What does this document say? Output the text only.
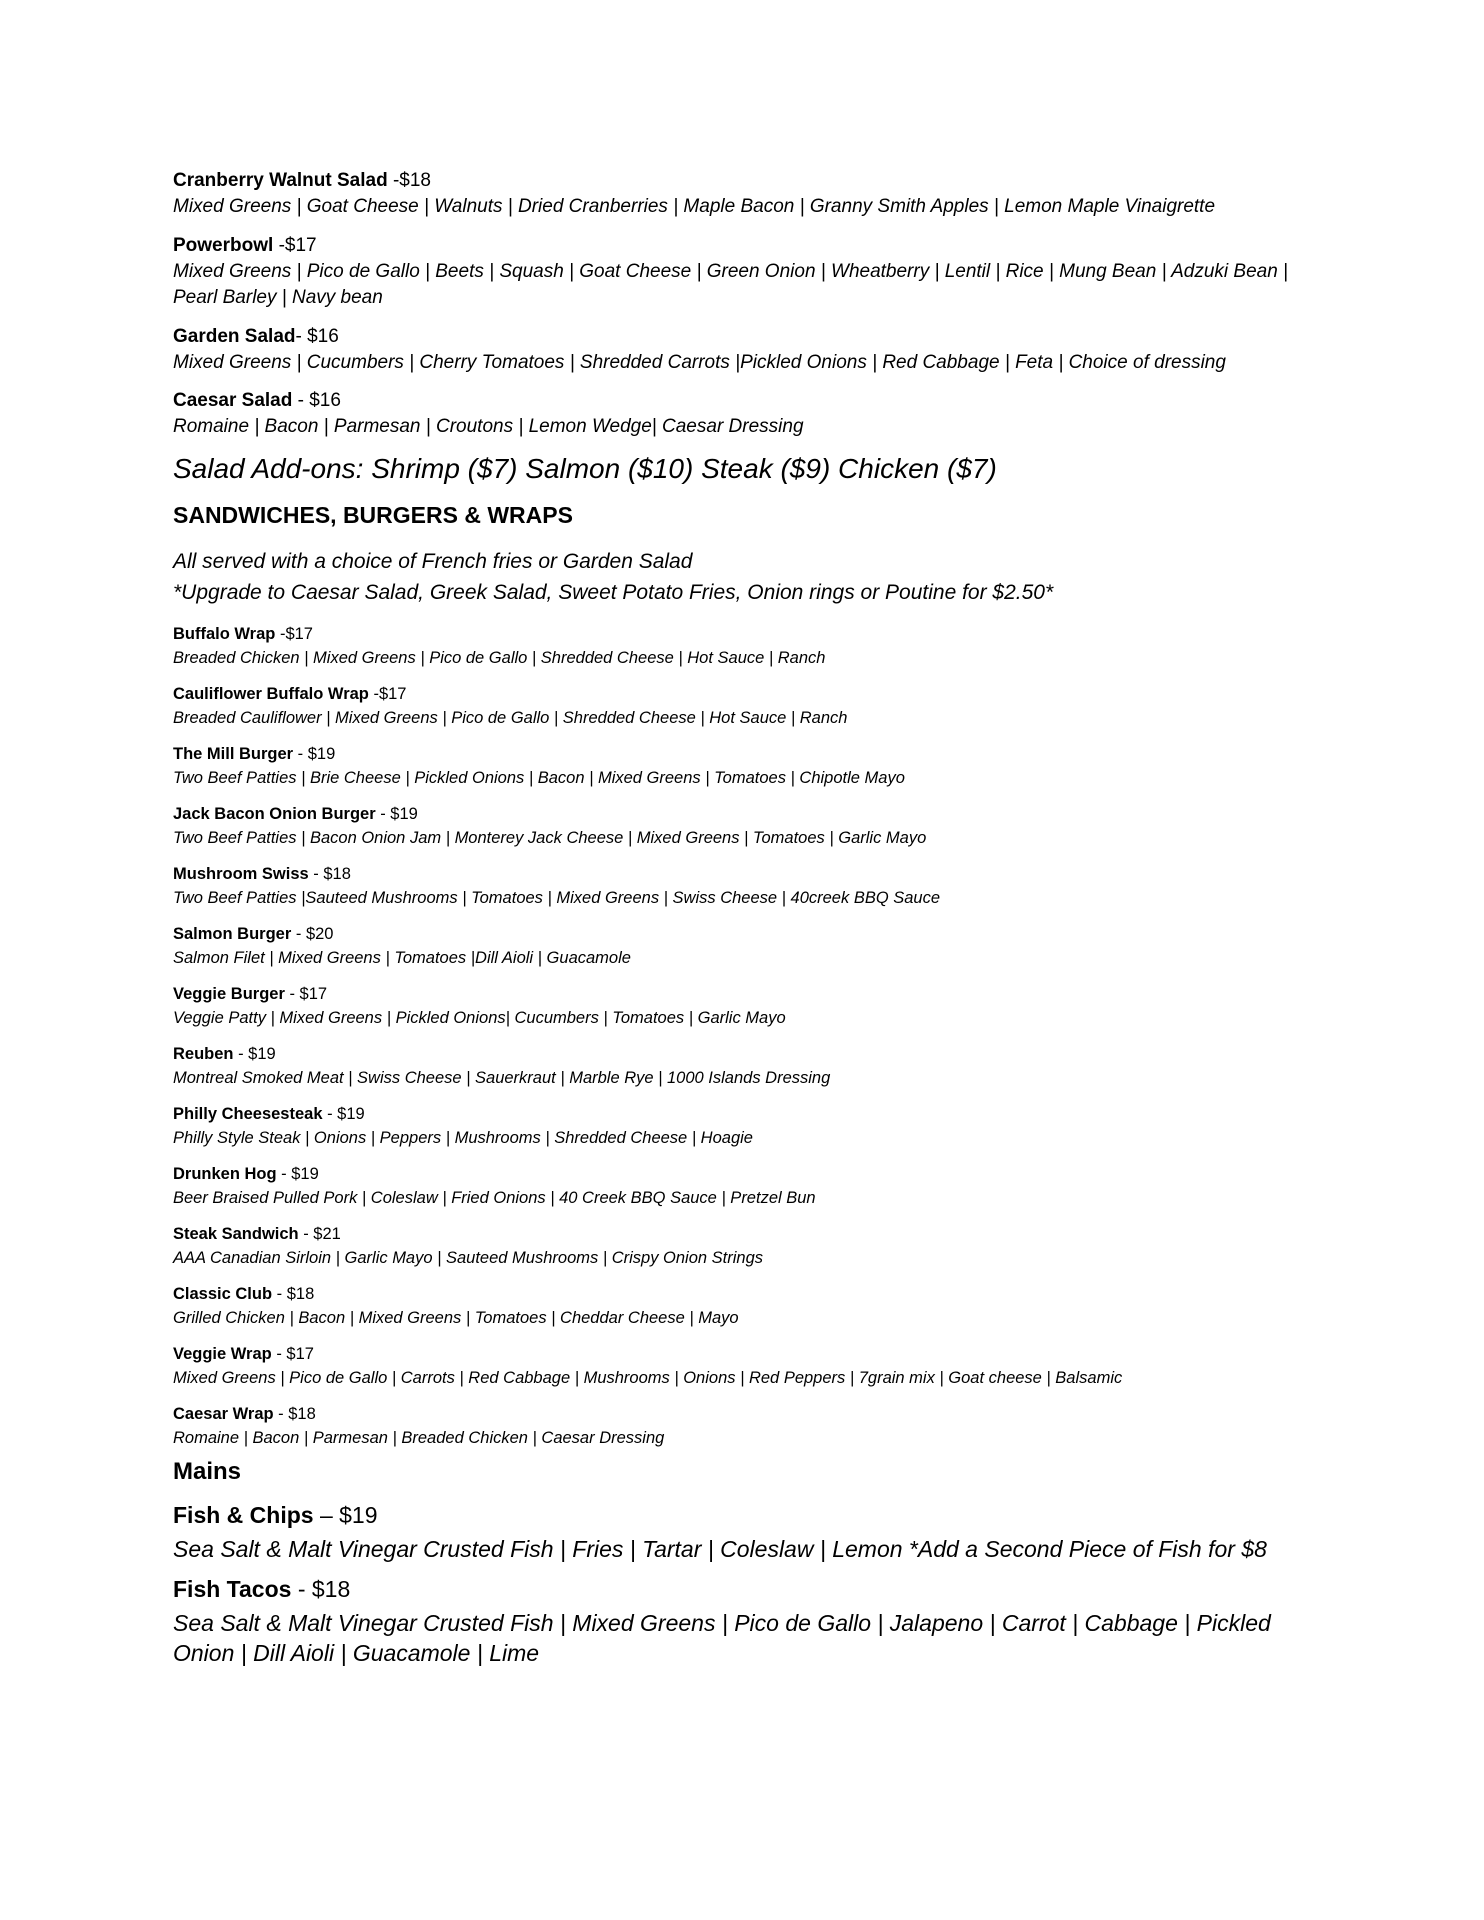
Cranberry Walnut Salad -$18
Mixed Greens | Goat Cheese | Walnuts | Dried Cranberries | Maple Bacon | Granny Smith Apples | Lemon Maple Vinaigrette
Powerbowl -$17
Mixed Greens | Pico de Gallo | Beets | Squash | Goat Cheese | Green Onion | Wheatberry | Lentil | Rice | Mung Bean | Adzuki Bean | Pearl Barley | Navy bean
Garden Salad- $16
Mixed Greens | Cucumbers | Cherry Tomatoes | Shredded Carrots |Pickled Onions | Red Cabbage | Feta | Choice of dressing
Caesar Salad - $16
Romaine | Bacon | Parmesan | Croutons | Lemon Wedge| Caesar Dressing
Salad Add-ons: Shrimp ($7) Salmon ($10) Steak ($9) Chicken ($7)
SANDWICHES, BURGERS & WRAPS
All served with a choice of French fries or Garden Salad
*Upgrade to Caesar Salad, Greek Salad, Sweet Potato Fries, Onion rings or Poutine for $2.50*
Buffalo Wrap -$17
Breaded Chicken | Mixed Greens | Pico de Gallo | Shredded Cheese | Hot Sauce | Ranch
Cauliflower Buffalo Wrap -$17
Breaded Cauliflower | Mixed Greens | Pico de Gallo | Shredded Cheese | Hot Sauce | Ranch
The Mill Burger - $19
Two Beef Patties | Brie Cheese | Pickled Onions | Bacon | Mixed Greens | Tomatoes | Chipotle Mayo
Jack Bacon Onion Burger - $19
Two Beef Patties | Bacon Onion Jam | Monterey Jack Cheese | Mixed Greens | Tomatoes | Garlic Mayo
Mushroom Swiss - $18
Two Beef Patties |Sauteed Mushrooms | Tomatoes | Mixed Greens | Swiss Cheese | 40creek BBQ Sauce
Salmon Burger - $20
Salmon Filet | Mixed Greens | Tomatoes |Dill Aioli | Guacamole
Veggie Burger - $17
Veggie Patty | Mixed Greens | Pickled Onions| Cucumbers | Tomatoes | Garlic Mayo
Reuben - $19
Montreal Smoked Meat | Swiss Cheese | Sauerkraut | Marble Rye | 1000 Islands Dressing
Philly Cheesesteak - $19
Philly Style Steak | Onions | Peppers | Mushrooms | Shredded Cheese | Hoagie
Drunken Hog - $19
Beer Braised Pulled Pork | Coleslaw | Fried Onions | 40 Creek BBQ Sauce | Pretzel Bun
Steak Sandwich - $21
AAA Canadian Sirloin | Garlic Mayo | Sauteed Mushrooms | Crispy Onion Strings
Classic Club - $18
Grilled Chicken | Bacon | Mixed Greens | Tomatoes | Cheddar Cheese | Mayo
Veggie Wrap - $17
Mixed Greens | Pico de Gallo | Carrots | Red Cabbage | Mushrooms | Onions | Red Peppers | 7grain mix | Goat cheese | Balsamic
Caesar Wrap - $18
Romaine | Bacon | Parmesan | Breaded Chicken | Caesar Dressing
Mains
Fish & Chips – $19
Sea Salt & Malt Vinegar Crusted Fish | Fries | Tartar | Coleslaw | Lemon *Add a Second Piece of Fish for $8
Fish Tacos - $18
Sea Salt & Malt Vinegar Crusted Fish | Mixed Greens | Pico de Gallo | Jalapeno | Carrot | Cabbage | Pickled Onion | Dill Aioli | Guacamole | Lime
